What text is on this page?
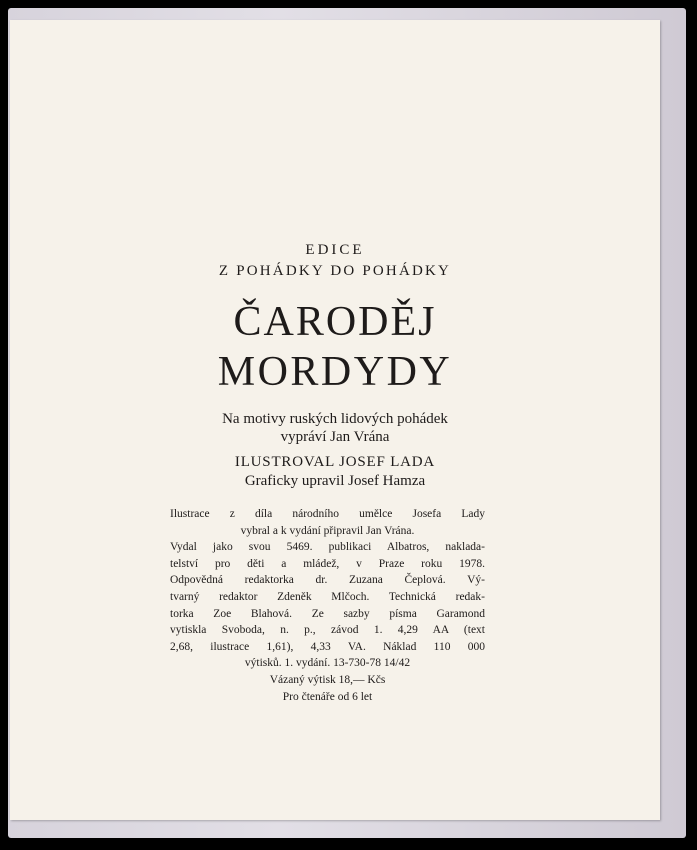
EDICE
Z POHÁDKY DO POHÁDKY
ČARODĚJ
MORDYDY
Na motivy ruských lidových pohádek
vypráví Jan Vrána
ILUSTROVAL JOSEF LADA
Graficky upravil Josef Hamza
Ilustrace z díla národního umělce Josefa Lady
vybral a k vydání připravil Jan Vrána.
Vydal jako svou 5469. publikaci Albatros, naklada-
telství pro děti a mládež, v Praze roku 1978.
Odpovědná redaktorka dr. Zuzana Čeplová. Vý-
tvarný redaktor Zdeněk Mlčoch. Technická redak-
torka Zoe Blahová. Ze sazby písma Garamond
vytiskla Svoboda, n. p., závod 1. 4,29 AA (text
2,68, ilustrace 1,61), 4,33 VA. Náklad 110 000
výtisků. 1. vydání. 13-730-78 14/42
Vázaný výtisk 18,— Kčs
Pro čtenáře od 6 let
